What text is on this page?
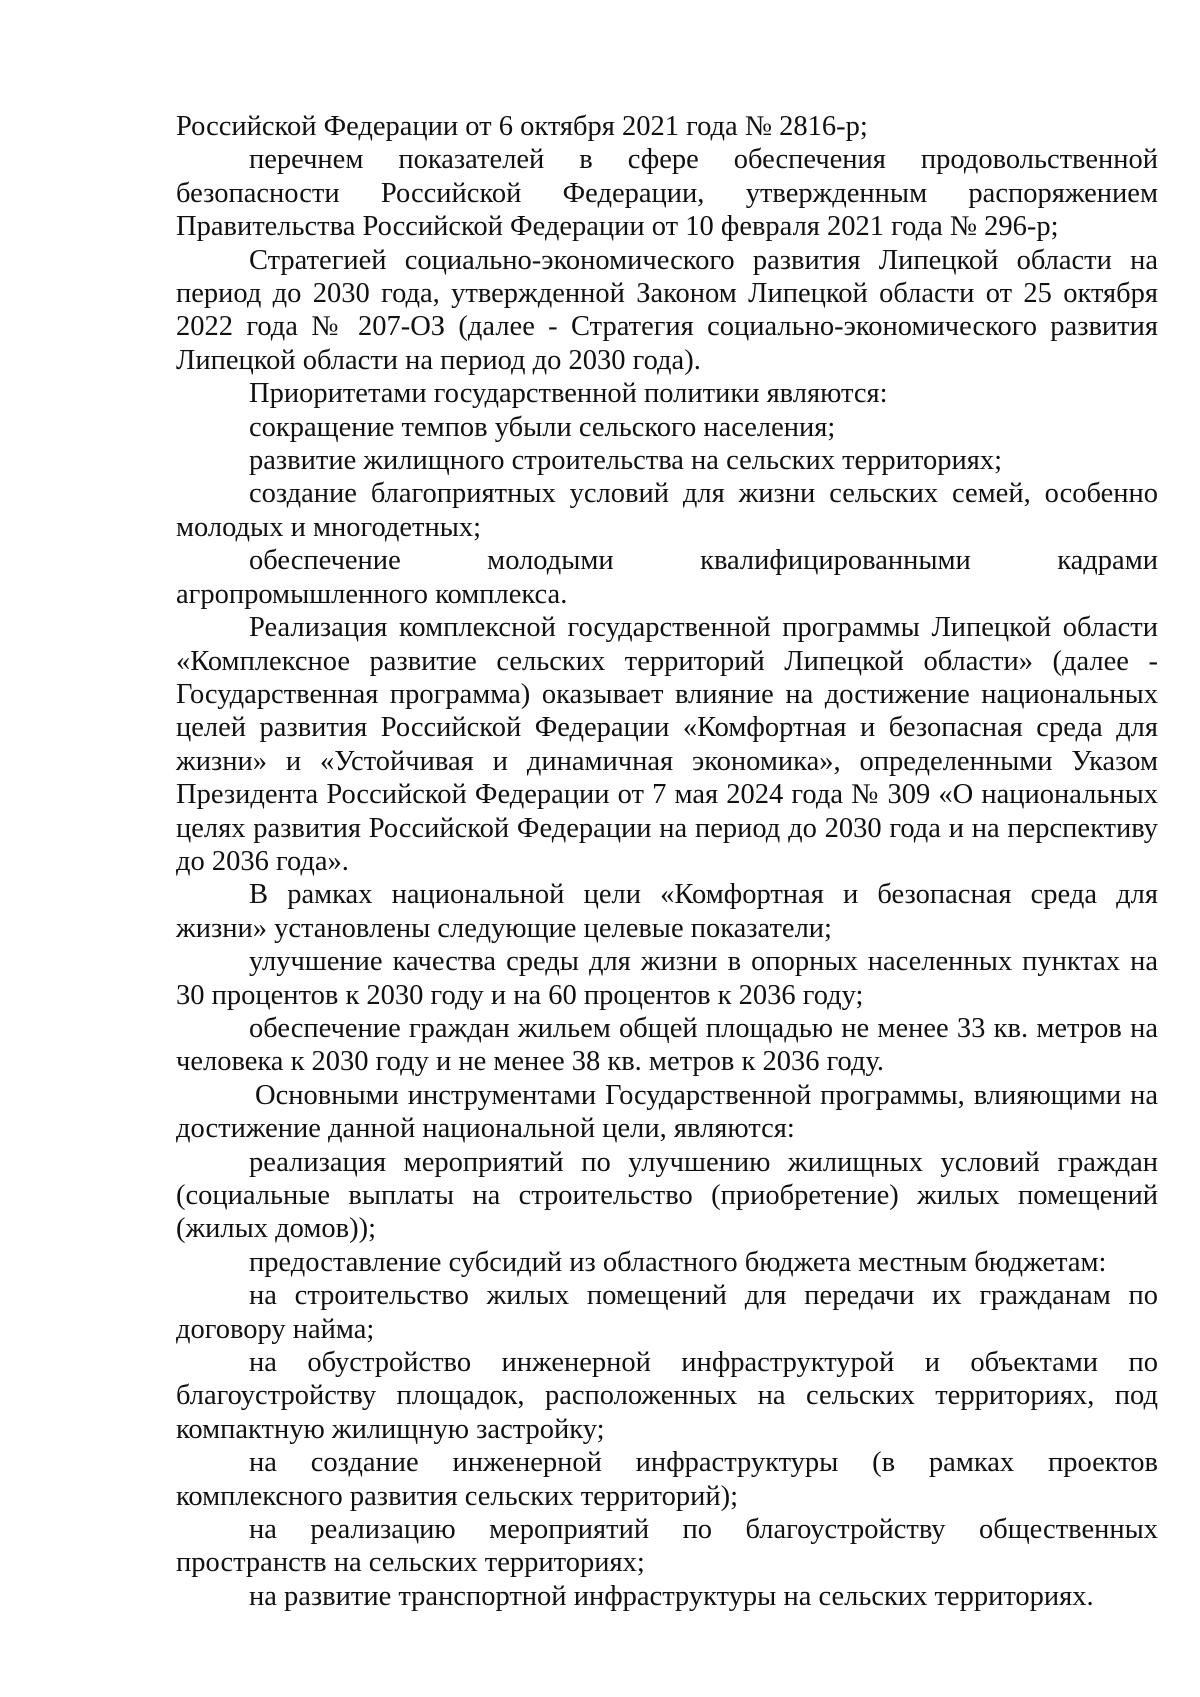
Российской Федерации от 6 октября 2021 года № 2816-р;

перечнем показателей в сфере обеспечения продовольственной безопасности Российской Федерации, утвержденным распоряжением Правительства Российской Федерации от 10 февраля 2021 года № 296-р;

Стратегией социально-экономического развития Липецкой области на период до 2030 года, утвержденной Законом Липецкой области от 25 октября 2022 года № 207-ОЗ (далее - Стратегия социально-экономического развития Липецкой области на период до 2030 года).

Приоритетами государственной политики являются:

сокращение темпов убыли сельского населения;

развитие жилищного строительства на сельских территориях;

создание благоприятных условий для жизни сельских семей, особенно молодых и многодетных;

обеспечение молодыми квалифицированными кадрами агропромышленного комплекса.

Реализация комплексной государственной программы Липецкой области «Комплексное развитие сельских территорий Липецкой области» (далее - Государственная программа) оказывает влияние на достижение национальных целей развития Российской Федерации «Комфортная и безопасная среда для жизни» и «Устойчивая и динамичная экономика», определенными Указом Президента Российской Федерации от 7 мая 2024 года № 309 «О национальных целях развития Российской Федерации на период до 2030 года и на перспективу до 2036 года».

В рамках национальной цели «Комфортная и безопасная среда для жизни» установлены следующие целевые показатели;

улучшение качества среды для жизни в опорных населенных пунктах на 30 процентов к 2030 году и на 60 процентов к 2036 году;

обеспечение граждан жильем общей площадью не менее 33 кв. метров на человека к 2030 году и не менее 38 кв. метров к 2036 году.

Основными инструментами Государственной программы, влияющими на достижение данной национальной цели, являются:

реализация мероприятий по улучшению жилищных условий граждан (социальные выплаты на строительство (приобретение) жилых помещений (жилых домов));

предоставление субсидий из областного бюджета местным бюджетам:

на строительство жилых помещений для передачи их гражданам по договору найма;

на обустройство инженерной инфраструктурой и объектами по благоустройству площадок, расположенных на сельских территориях, под компактную жилищную застройку;

на создание инженерной инфраструктуры (в рамках проектов комплексного развития сельских территорий);

на реализацию мероприятий по благоустройству общественных пространств на сельских территориях;

на развитие транспортной инфраструктуры на сельских территориях.
